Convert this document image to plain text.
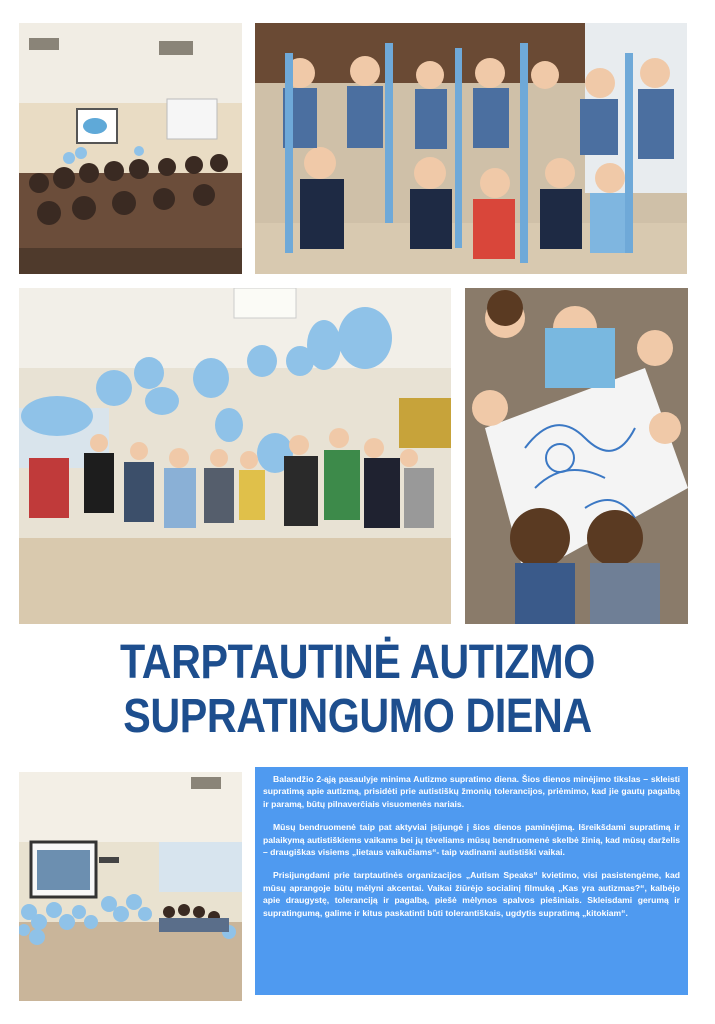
TARPTAUTINĖ AUTIZMO
SUPRATINGUMO DIENA

Balandžio 2-ąją pasaulyje minima Autizmo supratimo diena. Šios dienos minėjimo tikslas – skleisti supratimą apie autizmą, prisidėti prie autistiškų žmonių tolerancijos, priėmimo, kad jie gautų pagalbą ir paramą, būtų pilnaverčiais visuomenės nariais.

Mūsų bendruomenė taip pat aktyviai įsijungė į šios dienos paminėjimą. Išreikšdami supratimą ir palaikymą autistiškiems vaikams bei jų tėveliams mūsų bendruomenė skelbė žinią, kad mūsų darželis – draugiškas visiems „lietaus vaikučiams“- taip vadinami autistiški vaikai.

Prisijungdami prie tarptautinės organizacijos „Autism Speaks“ kvietimo, visi pasistengėme, kad mūsų aprangoje būtų mėlyni akcentai. Vaikai žiūrėjo socialinį filmuką „Kas yra autizmas?“, kalbėjo apie draugystę, toleranciją ir pagalbą, piešė mėlynos spalvos piešiniais. Skleisdami gerumą ir supratingumą, galime ir kitus paskatinti būti tolerantiškais, ugdytis supratimą „kitokiam“.
